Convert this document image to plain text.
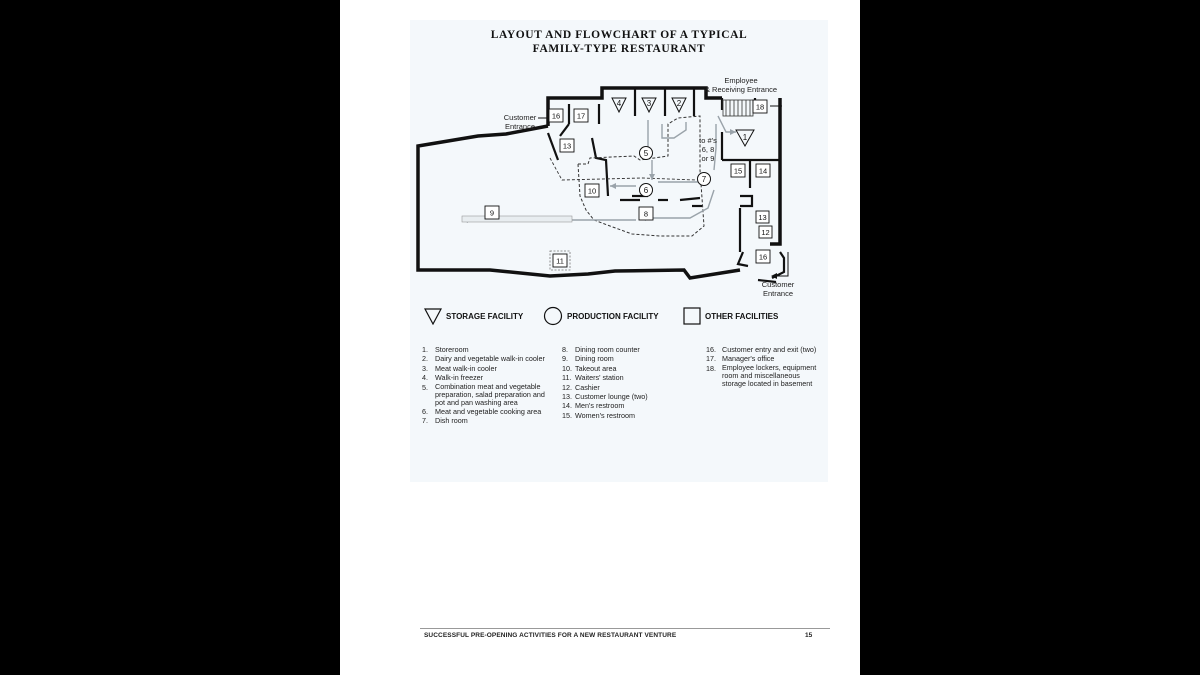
LAYOUT AND FLOWCHART OF A TYPICAL
FAMILY-TYPE RESTAURANT
4	3	2
1
5
6
7
16 17
18
13
10
8
9
15 14
13
12
11	16
Employee
& Receiving Entrance
Customer
Entrance
to #'s
6, 8
or 9
Customer
Entrance
STORAGE FACILITY	PRODUCTION FACILITY	OTHER FACILITIES
1. Storeroom
2. Dairy and vegetable walk-in cooler
3. Meat walk-in cooler
4. Walk-in freezer
5. Combination meat and vegetable
preparation, salad preparation and
pot and pan washing area
6. Meat and vegetable cooking area
7. Dish room
8. Dining room counter
9. Dining room
10. Takeout area
11. Waiters' station
12. Cashier
13. Customer lounge (two)
14. Men's restroom
15. Women's restroom
16. Customer entry and exit (two)
17. Manager's office
18. Employee lockers, equipment
room and miscellaneous
storage located in basement
SUCCESSFUL PRE-OPENING ACTIVITIES FOR A NEW RESTAURANT VENTURE	15
